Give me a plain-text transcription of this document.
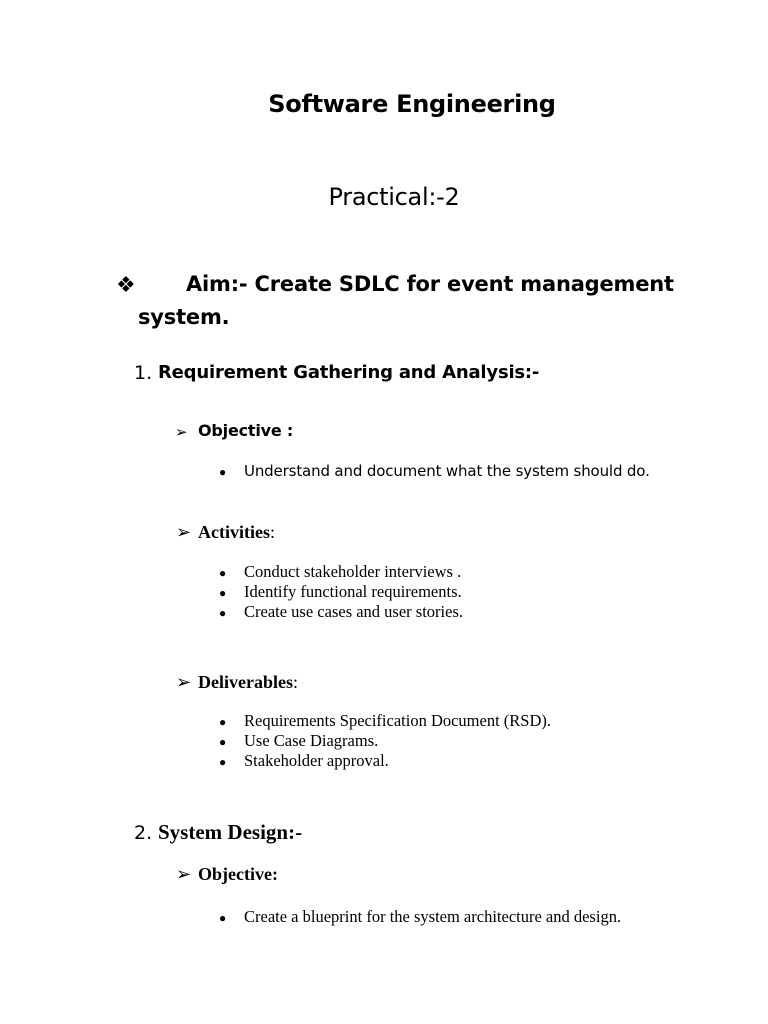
Software Engineering
Practical:-2
❖ Aim:- Create SDLC for event management
system.
1. Requirement Gathering and Analysis:-
➢ Objective :
● Understand and document what the system should do.
➢ Activities:
● Conduct stakeholder interviews .
● Identify functional requirements.
● Create use cases and user stories.
➢ Deliverables:
● Requirements Specification Document (RSD).
● Use Case Diagrams.
● Stakeholder approval.
2. System Design:-
➢ Objective:
● Create a blueprint for the system architecture and design.
